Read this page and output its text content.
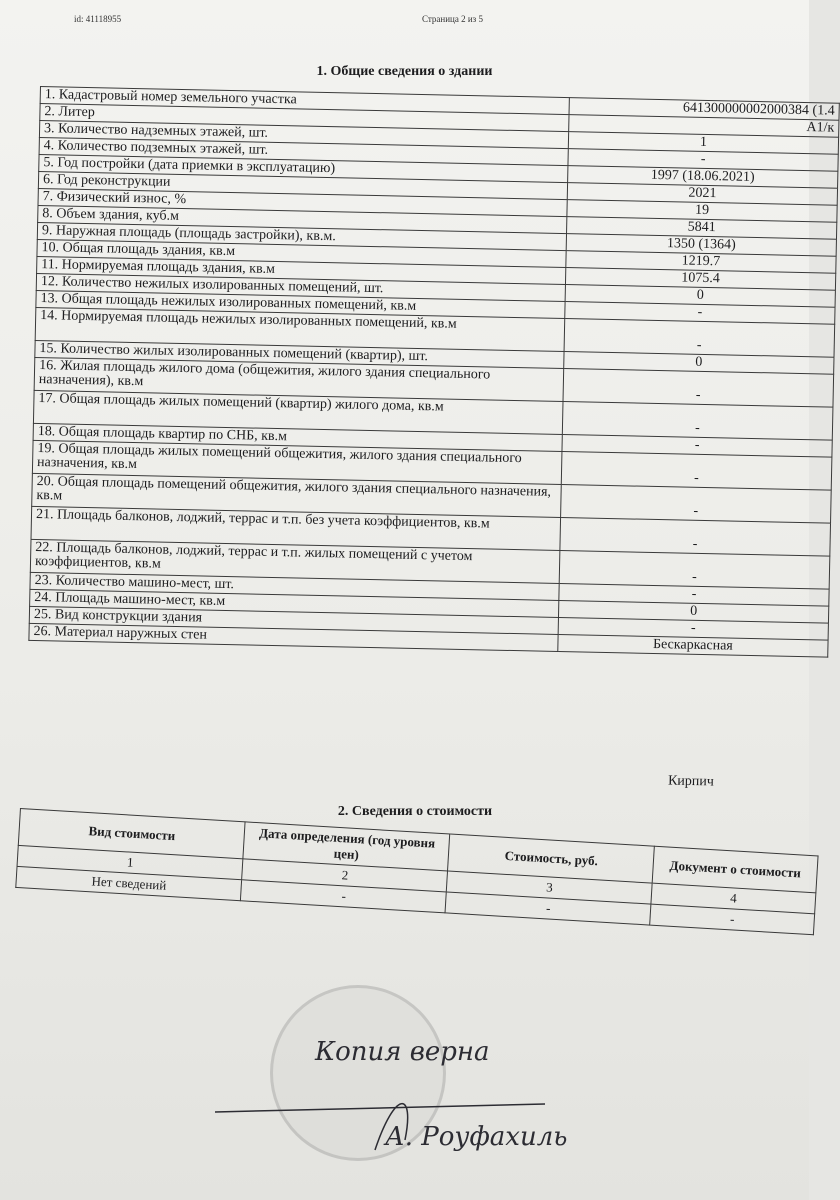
id: 41118955	Страница 2 из 5
1. Общие сведения о здании
1. Кадастровый номер земельного участка	641300000002000384 (1.4
2. Литер	А1/к
3. Количество надземных этажей, шт.	1
4. Количество подземных этажей, шт.	-
5. Год постройки (дата приемки в эксплуатацию)	1997 (18.06.2021)
6. Год реконструкции	2021
7. Физический износ, %	19
8. Объем здания, куб.м	5841
9. Наружная площадь (площадь застройки), кв.м.	1350 (1364)
10. Общая площадь здания, кв.м	1219.7
11. Нормируемая площадь здания, кв.м	1075.4
12. Количество нежилых изолированных помещений, шт.	0
13. Общая площадь нежилых изолированных помещений, кв.м	-
14. Нормируемая площадь нежилых изолированных помещений, кв.м	-
15. Количество жилых изолированных помещений (квартир), шт.	0
16. Жилая площадь жилого дома (общежития, жилого здания специального назначения), кв.м	-
17. Общая площадь жилых помещений (квартир) жилого дома, кв.м	-
18. Общая площадь квартир по СНБ, кв.м	-
19. Общая площадь жилых помещений общежития, жилого здания специального назначения, кв.м	-
20. Общая площадь помещений общежития, жилого здания специального назначения, кв.м	-
21. Площадь балконов, лоджий, террас и т.п. без учета коэффициентов, кв.м	-
22. Площадь балконов, лоджий, террас и т.п. жилых помещений с учетом коэффициентов, кв.м	-
23. Количество машино-мест, шт.	-
24. Площадь машино-мест, кв.м	0
25. Вид конструкции здания	-
26. Материал наружных стен	Бескаркасная
Кирпич
2. Сведения о стоимости
Вид стоимости	Дата определения (год уровня цен)	Стоимость, руб.	Документ о стоимости
1	2	3	4
Нет сведений	-	-	-
Копия верна
А. Роуфахиль
